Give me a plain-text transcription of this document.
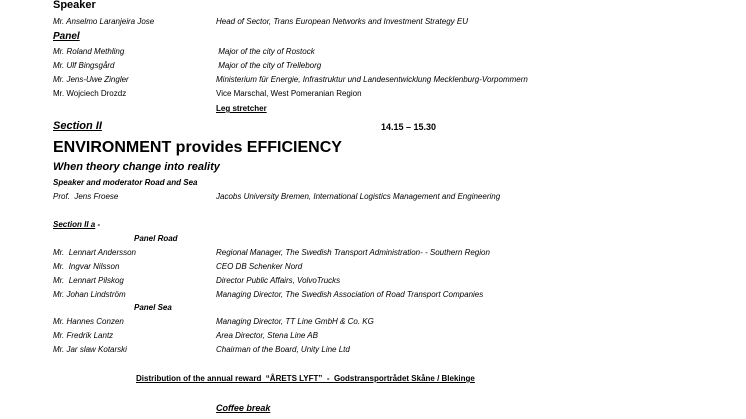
Speaker
Mr. Anselmo Laranjeira Jose	Head of Sector, Trans European Networks and Investment Strategy EU
Panel
Mr. Roland Methling	Major of the city of Rostock
Mr. Ulf Bingsgård	Major of the city of Trelleborg
Mr. Jens-Uwe Zingler	Ministerium für Energie, Infrastruktur und Landesentwicklung Mecklenburg-Vorpommern
Mr. Wojciech Drozdz	Vice Marschal, West Pomeranian Region
Leg stretcher
Section II	14.15 – 15.30
ENVIRONMENT provides EFFICIENCY
When theory change into reality
Speaker and moderator Road and Sea
Prof.  Jens Froese	Jacobs University Bremen, International Logistics Management and Engineering
Section II a -
Panel Road
Mr.  Lennart Andersson	Regional Manager, The Swedish Transport Administration- - Southern Region
Mr.  Ingvar Nilsson	CEO DB Schenker Nord
Mr.  Lennart Pilskog	Director Public Affairs, VolvoTrucks
Mr. Johan Lindström	Managing Director, The Swedish Association of Road Transport Companies
Panel Sea
Mr. Hannes Conzen	Managing Director, TT Line GmbH & Co. KG
Mr. Fredrik Lantz	Area Director, Stena Line AB
Mr. Jar slaw Kotarski	Chairman of the Board, Unity Line Ltd
Distribution of the annual reward  “ÅRETS LYFT”  -  Godstransportrådet Skåne / Blekinge
Coffee break
